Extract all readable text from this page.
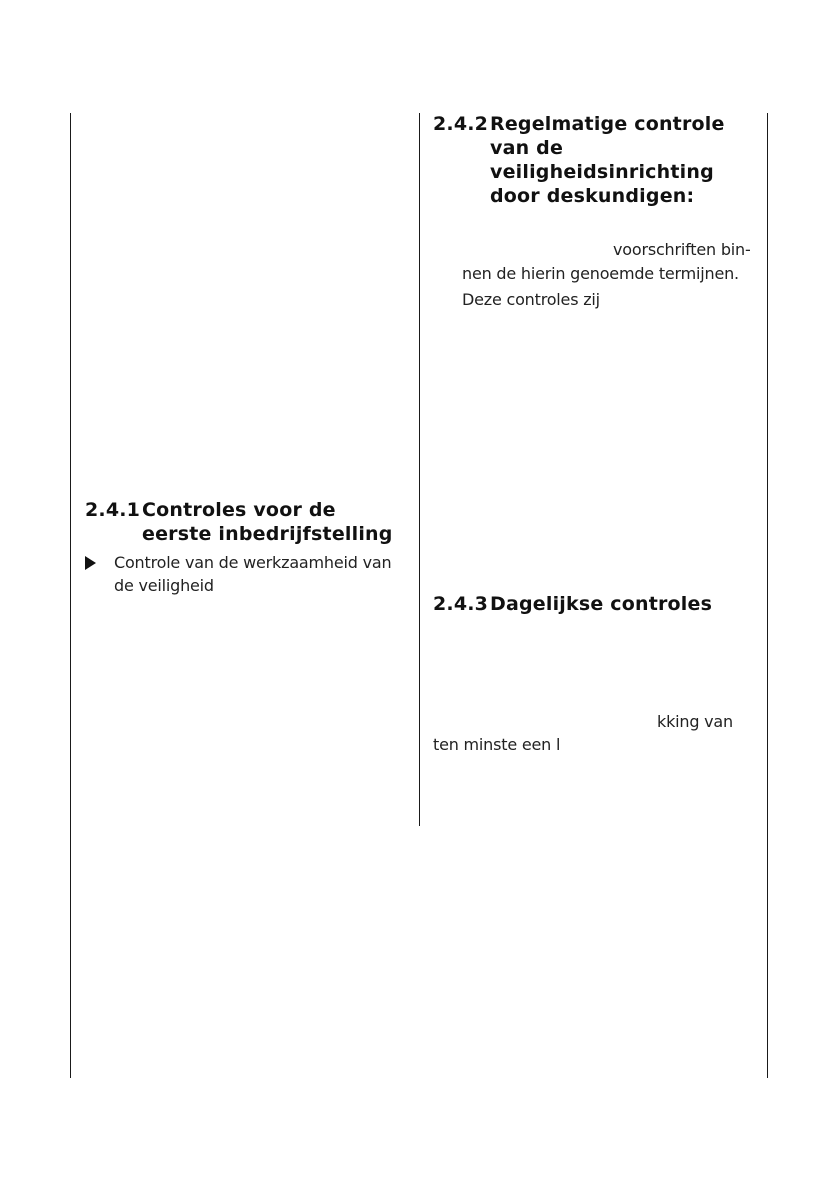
2.4.1 Controles voor de eerste inbedrijfstelling
Controle van de werkzaamheid van de veiligheid
2.4.2 Regelmatige controle van de veiligheidsinrichting door deskundigen:

voorschriften bin-

nen de hierin genoemde termijnen.

Deze controles zij

2.4.3 Dagelijkse controles

kking van

ten minste een l
